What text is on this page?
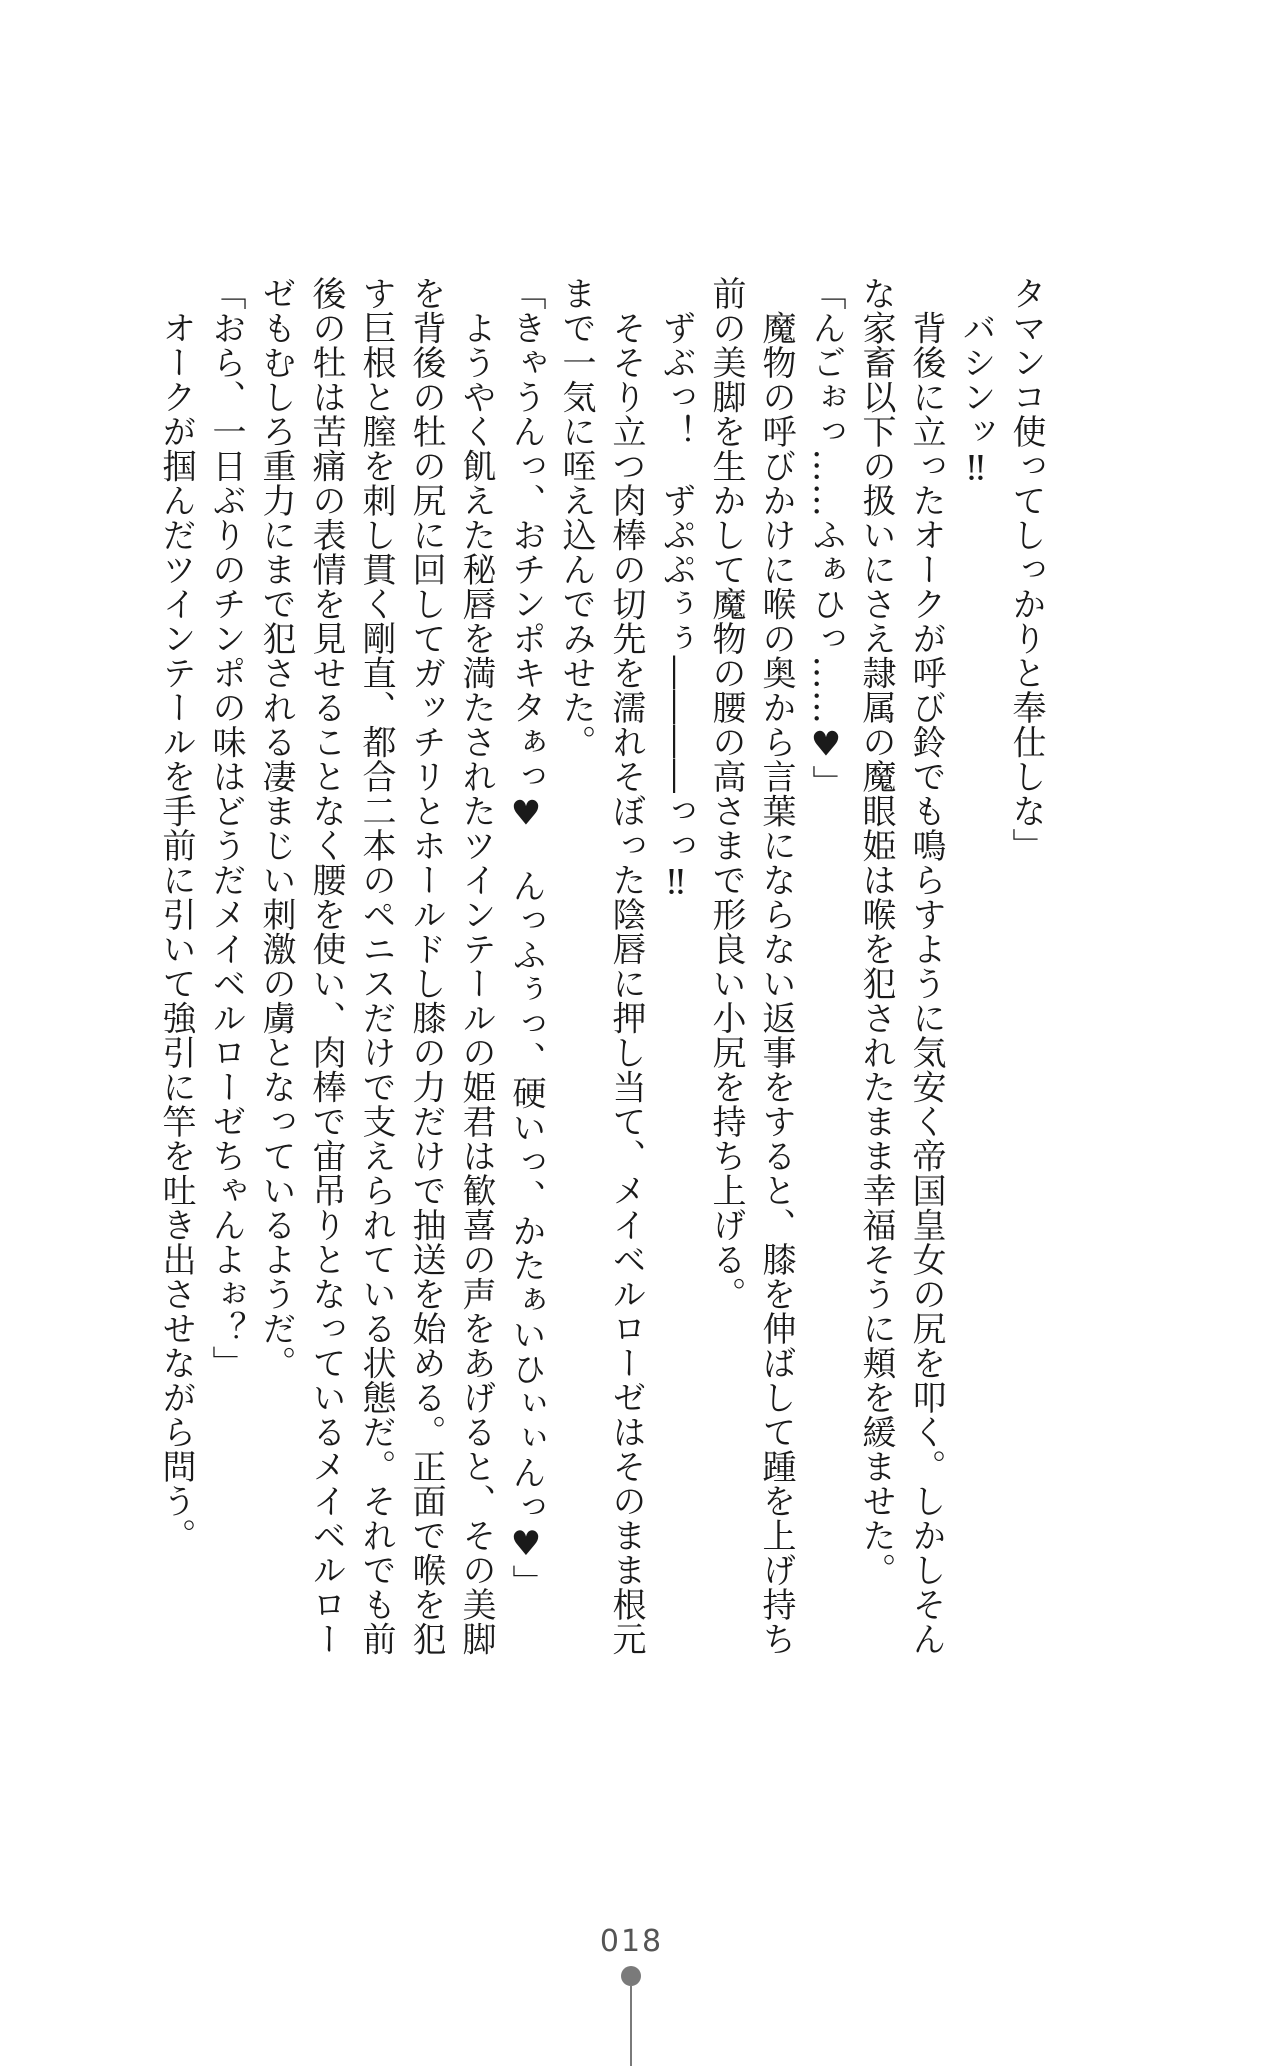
タマンコ使ってしっかりと奉仕しな」

　バシンッ‼

　背後に立ったオークが呼び鈴でも鳴らすように気安く帝国皇女の尻を叩く。しかしそんな家畜以下の扱いにさえ隷属の魔眼姫は喉を犯されたまま幸福そうに頬を緩ませた。

「んごぉっ……ふぁひっ……♥」

　魔物の呼びかけに喉の奥から言葉にならない返事をすると、膝を伸ばして踵を上げ持ち前の美脚を生かして魔物の腰の高さまで形良い小尻を持ち上げる。

　ずぶっ！　ずぷぷぅぅ――――っっ‼

　そそり立つ肉棒の切先を濡れそぼった陰唇に押し当て、メイベルローゼはそのまま根元まで一気に咥え込んでみせた。

「きゃうんっ、おチンポキタぁっ♥　んっふぅっ、硬いっ、かたぁいひぃぃんっ♥」

　ようやく飢えた秘唇を満たされたツインテールの姫君は歓喜の声をあげると、その美脚を背後の牡の尻に回してガッチリとホールドし膝の力だけで抽送を始める。正面で喉を犯す巨根と膣を刺し貫く剛直、都合二本のペニスだけで支えられている状態だ。それでも前後の牡は苦痛の表情を見せることなく腰を使い、肉棒で宙吊りとなっているメイベルローゼもむしろ重力にまで犯される凄まじい刺激の虜となっているようだ。

「おら、一日ぶりのチンポの味はどうだメイベルローゼちゃんよぉ？」

　オークが掴んだツインテールを手前に引いて強引に竿を吐き出させながら問う。

018
